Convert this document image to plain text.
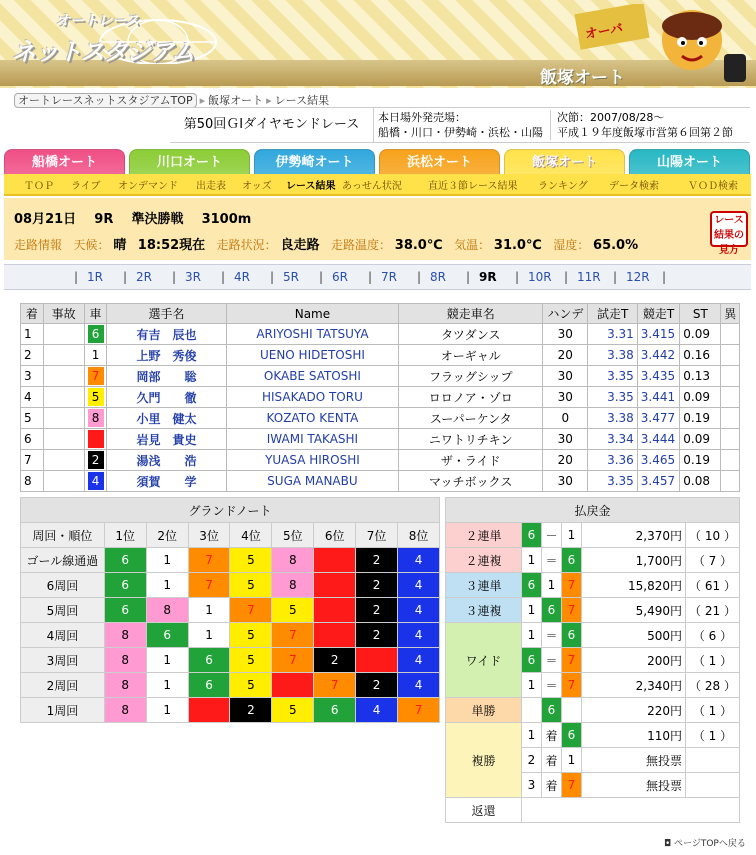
オートレース
ネットスタジアム
オーバ
飯塚オート
オートレースネットスタジアムTOP ▸ 飯塚オート ▸ レース結果
第50回ＧⅠダイヤモンドレース	本日場外発売場：
船橋・川口・伊勢崎・浜松・山陽
次節：2007/08/28～
平成１９年度飯塚市営第６回第２節
船橋オート	川口オート	伊勢崎オート	浜松オート	飯塚オート	山陽オート
ＴＯＰ ライブ オンデマンド 出走表 オッズ レース結果 あっせん状況	直近３節レース結果 ランキング データ検索	ＶＯＤ検索
08月21日 9R 準決勝戦 3100m
走路情報 天候： 晴 18:52現在 走路状況： 良走路 走路温度： 38.0℃ 気温： 31.0℃ 湿度： 65.0%
レース結果の見方
| 1R | 2R | 3R | 4R | 5R | 6R | 7R | 8R | 9R | 10R | 11R | 12R |
着	事故	車	選手名	Name	競走車名	ハンデ	試走T	競走T	ST	異
1		6	有吉　辰也	ARIYOSHI TATSUYA	タツダンス	30	3.31	3.415	0.09	
2		1	上野　秀俊	UENO HIDETOSHI	オーギャル	20	3.38	3.442	0.16	
3		7	岡部　　聡	OKABE SATOSHI	フラッグシップ	30	3.35	3.435	0.13	
4		5	久門　　徹	HISAKADO TORU	ロロノア・ゾロ	30	3.35	3.441	0.09	
5		8	小里　健太	KOZATO KENTA	スーパーケンタ	0	3.38	3.477	0.19	
6		3	岩見　貴史	IWAMI TAKASHI	ニワトリチキン	30	3.34	3.444	0.09	
7		2	湯浅　　浩	YUASA HIROSHI	ザ・ライド	20	3.36	3.465	0.19	
8		4	須賀　　学	SUGA MANABU	マッチボックス	30	3.35	3.457	0.08	
グランドノート								
周回・順位	1位	2位	3位	4位	5位	6位	7位	8位
ゴール線通過	6	1	7	5	8	3	2	4
6周回	6	1	7	5	8	3	2	4
5周回	6	8	1	7	5	3	2	4
4周回	8	6	1	5	7	3	2	4
3周回	8	1	6	5	7	2	3	4
2周回	8	1	6	5	3	7	2	4
1周回	8	1	3	2	5	6	4	7
払戻金					
２連単	6	－	1	2,370円	（ 10 ）
２連複	1	＝	6	1,700円	（ 7 ）
３連単	6	1	7	15,820円	（ 61 ）
３連複	1	6	7	5,490円	（ 21 ）
ワイド	1	＝	6	500円	（ 6 ）
	6	＝	7	200円	（ 1 ）
	1	＝	7	2,340円	（ 28 ）
単勝		6		220円	（ 1 ）
複勝	1	着	6	110円	（ 1 ）
	2	着	1	無投票	
	3	着	7	無投票	
返還					
◘ ページTOPへ戻る
